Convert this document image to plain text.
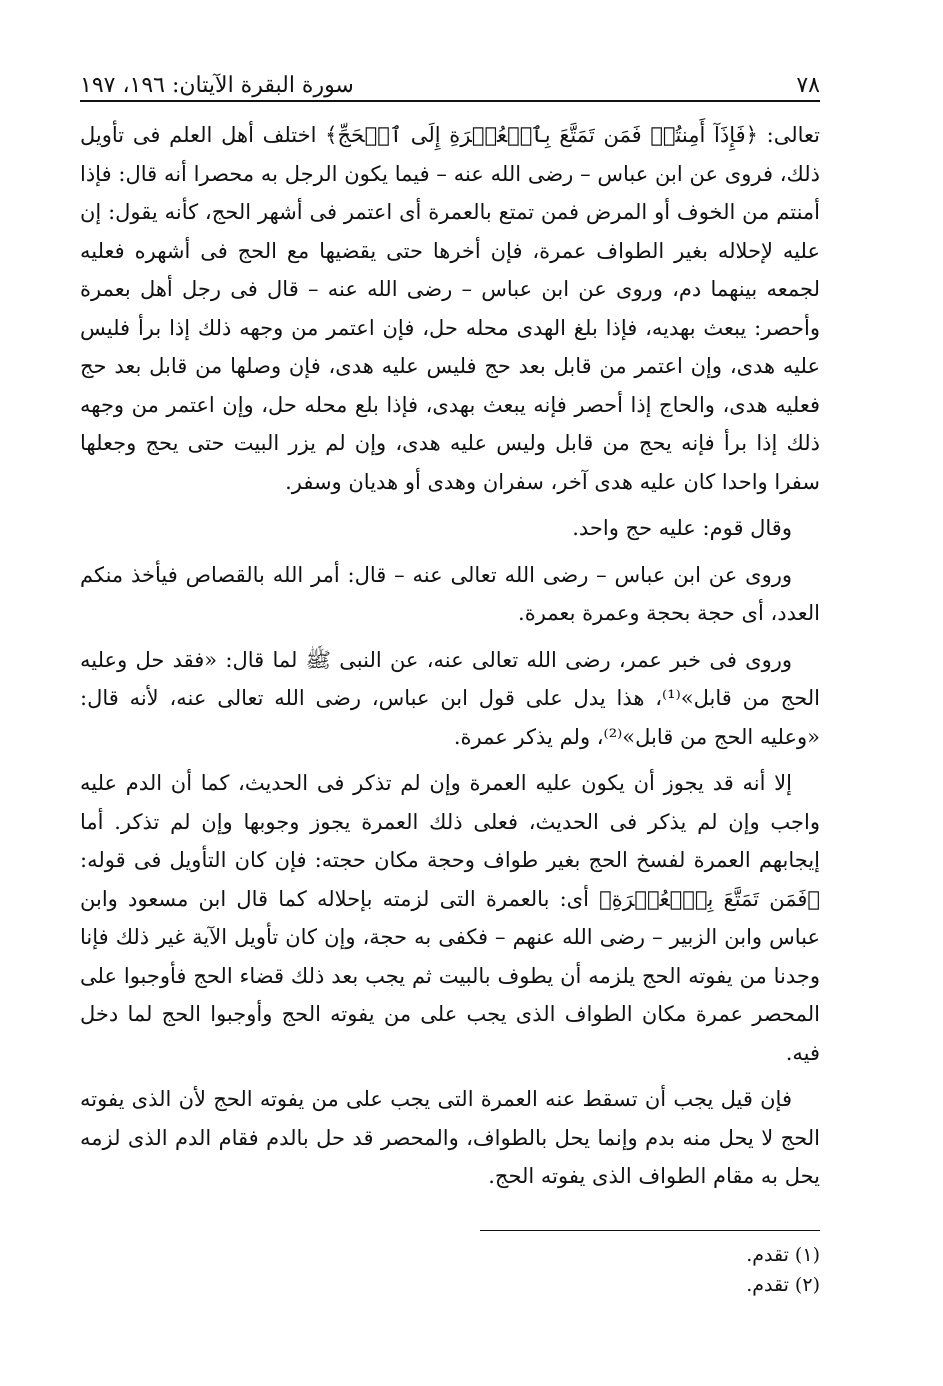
٧٨
سورة البقرة الآيتان: ١٩٦، ١٩٧

تعالى: ﴿فَإِذَآ أَمِنتُمۡ فَمَن تَمَتَّعَ بِٱلۡعُمۡرَةِ إِلَى ٱلۡحَجِّ﴾ اختلف أهل العلم فى تأويل ذلك، فروى عن ابن عباس – رضى الله عنه – فيما يكون الرجل به محصرا أنه قال: فإذا أمنتم من الخوف أو المرض فمن تمتع بالعمرة أى اعتمر فى أشهر الحج، كأنه يقول: إن عليه لإحلاله بغير الطواف عمرة، فإن أخرها حتى يقضيها مع الحج فى أشهره فعليه لجمعه بينهما دم، وروى عن ابن عباس – رضى الله عنه – قال فى رجل أهل بعمرة وأحصر: يبعث بهديه، فإذا بلغ الهدى محله حل، فإن اعتمر من وجهه ذلك إذا برأ فليس عليه هدى، وإن اعتمر من قابل بعد حج فليس عليه هدى، فإن وصلها من قابل بعد حج فعليه هدى، والحاج إذا أحصر فإنه يبعث بهدى، فإذا بلع محله حل، وإن اعتمر من وجهه ذلك إذا برأ فإنه يحج من قابل وليس عليه هدى، وإن لم يزر البيت حتى يحج وجعلها سفرا واحدا كان عليه هدى آخر، سفران وهدى أو هديان وسفر.

وقال قوم: عليه حج واحد.

وروى عن ابن عباس – رضى الله تعالى عنه – قال: أمر الله بالقصاص فيأخذ منكم العدد، أى حجة بحجة وعمرة بعمرة.

وروى فى خبر عمر، رضى الله تعالى عنه، عن النبى ﷺ لما قال: «فقد حل وعليه الحج من قابل»⁽¹⁾، هذا يدل على قول ابن عباس، رضى الله تعالى عنه، لأنه قال: «وعليه الحج من قابل»⁽²⁾، ولم يذكر عمرة.

إلا أنه قد يجوز أن يكون عليه العمرة وإن لم تذكر فى الحديث، كما أن الدم عليه واجب وإن لم يذكر فى الحديث، فعلى ذلك العمرة يجوز وجوبها وإن لم تذكر. أما إيجابهم العمرة لفسخ الحج بغير طواف وحجة مكان حجته: فإن كان التأويل فى قوله: ﴿فَمَن تَمَتَّعَ بِٱلۡعُمۡرَةِ﴾ أى: بالعمرة التى لزمته بإحلاله كما قال ابن مسعود وابن عباس وابن الزبير – رضى الله عنهم – فكفى به حجة، وإن كان تأويل الآية غير ذلك فإنا وجدنا من يفوته الحج يلزمه أن يطوف بالبيت ثم يجب بعد ذلك قضاء الحج فأوجبوا على المحصر عمرة مكان الطواف الذى يجب على من يفوته الحج وأوجبوا الحج لما دخل فيه.

فإن قيل يجب أن تسقط عنه العمرة التى يجب على من يفوته الحج لأن الذى يفوته الحج لا يحل منه بدم وإنما يحل بالطواف، والمحصر قد حل بالدم فقام الدم الذى لزمه يحل به مقام الطواف الذى يفوته الحج.

(١) تقدم.
(٢) تقدم.
